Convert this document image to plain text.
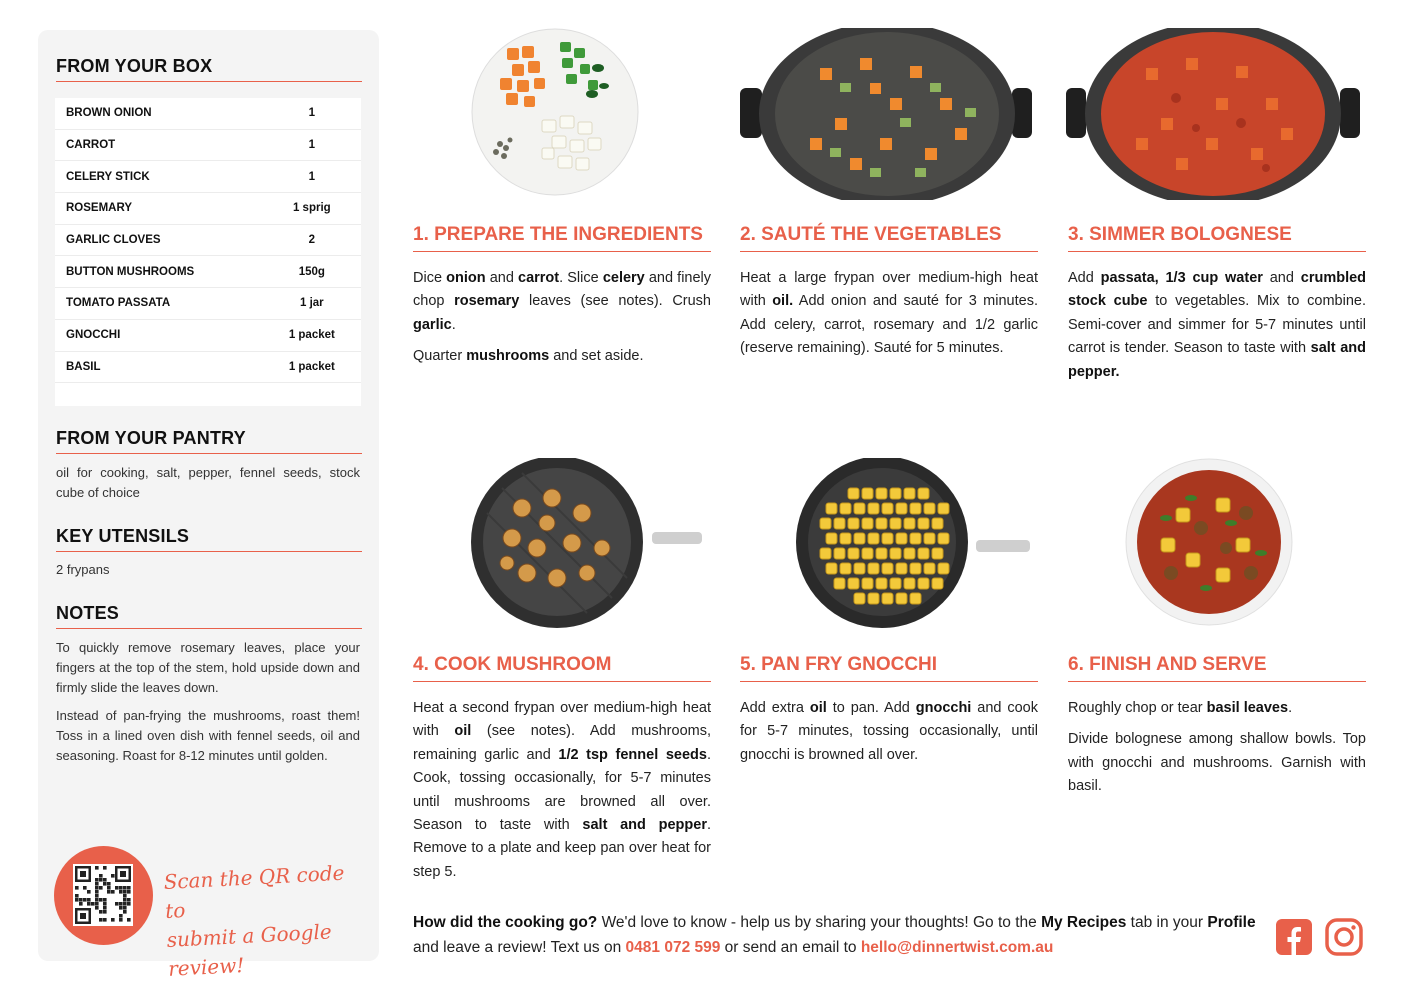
FROM YOUR BOX
BROWN ONION	1
CARROT	1
CELERY STICK	1
ROSEMARY	1 sprig
GARLIC CLOVES	2
BUTTON MUSHROOMS	150g
TOMATO PASSATA	1 jar
GNOCCHI	1 packet
BASIL	1 packet
FROM YOUR PANTRY
oil for cooking, salt, pepper, fennel seeds, stock cube of choice
KEY UTENSILS
2 frypans
NOTES

To quickly remove rosemary leaves, place your fingers at the top of the stem, hold upside down and firmly slide the leaves down.

Instead of pan-frying the mushrooms, roast them! Toss in a lined oven dish with fennel seeds, oil and seasoning. Roast for 8-12 minutes until golden.

Scan the QR code to
submit a Google review!
1. PREPARE THE INGREDIENTS	2. SAUTÉ THE VEGETABLES	3. SIMMER BOLOGNESE
4. COOK MUSHROOM	5. PAN FRY GNOCCHI	6. FINISH AND SERVE

Dice onion and carrot. Slice celery and finely chop rosemary leaves (see notes). Crush garlic.

Quarter mushrooms and set aside.

Heat a large frypan over medium-high heat with oil. Add onion and sauté for 3 minutes. Add celery, carrot, rosemary and 1/2 garlic (reserve remaining). Sauté for 5 minutes.

Add passata, 1/3 cup water and crumbled stock cube to vegetables. Mix to combine. Semi-cover and simmer for 5-7 minutes until carrot is tender. Season to taste with salt and pepper.

Heat a second frypan over medium-high heat with oil (see notes). Add mushrooms, remaining garlic and 1/2 tsp fennel seeds. Cook, tossing occasionally, for 5-7 minutes until mushrooms are browned all over. Season to taste with salt and pepper. Remove to a plate and keep pan over heat for step 5.

Add extra oil to pan. Add gnocchi and cook for 5-7 minutes, tossing occasionally, until gnocchi is browned all over.

Roughly chop or tear basil leaves.

Divide bolognese among shallow bowls. Top with gnocchi and mushrooms. Garnish with basil.

How did the cooking go? We'd love to know - help us by sharing your thoughts! Go to the My Recipes tab in your Profile and leave a review! Text us on 0481 072 599 or send an email to hello@dinnertwist.com.au
